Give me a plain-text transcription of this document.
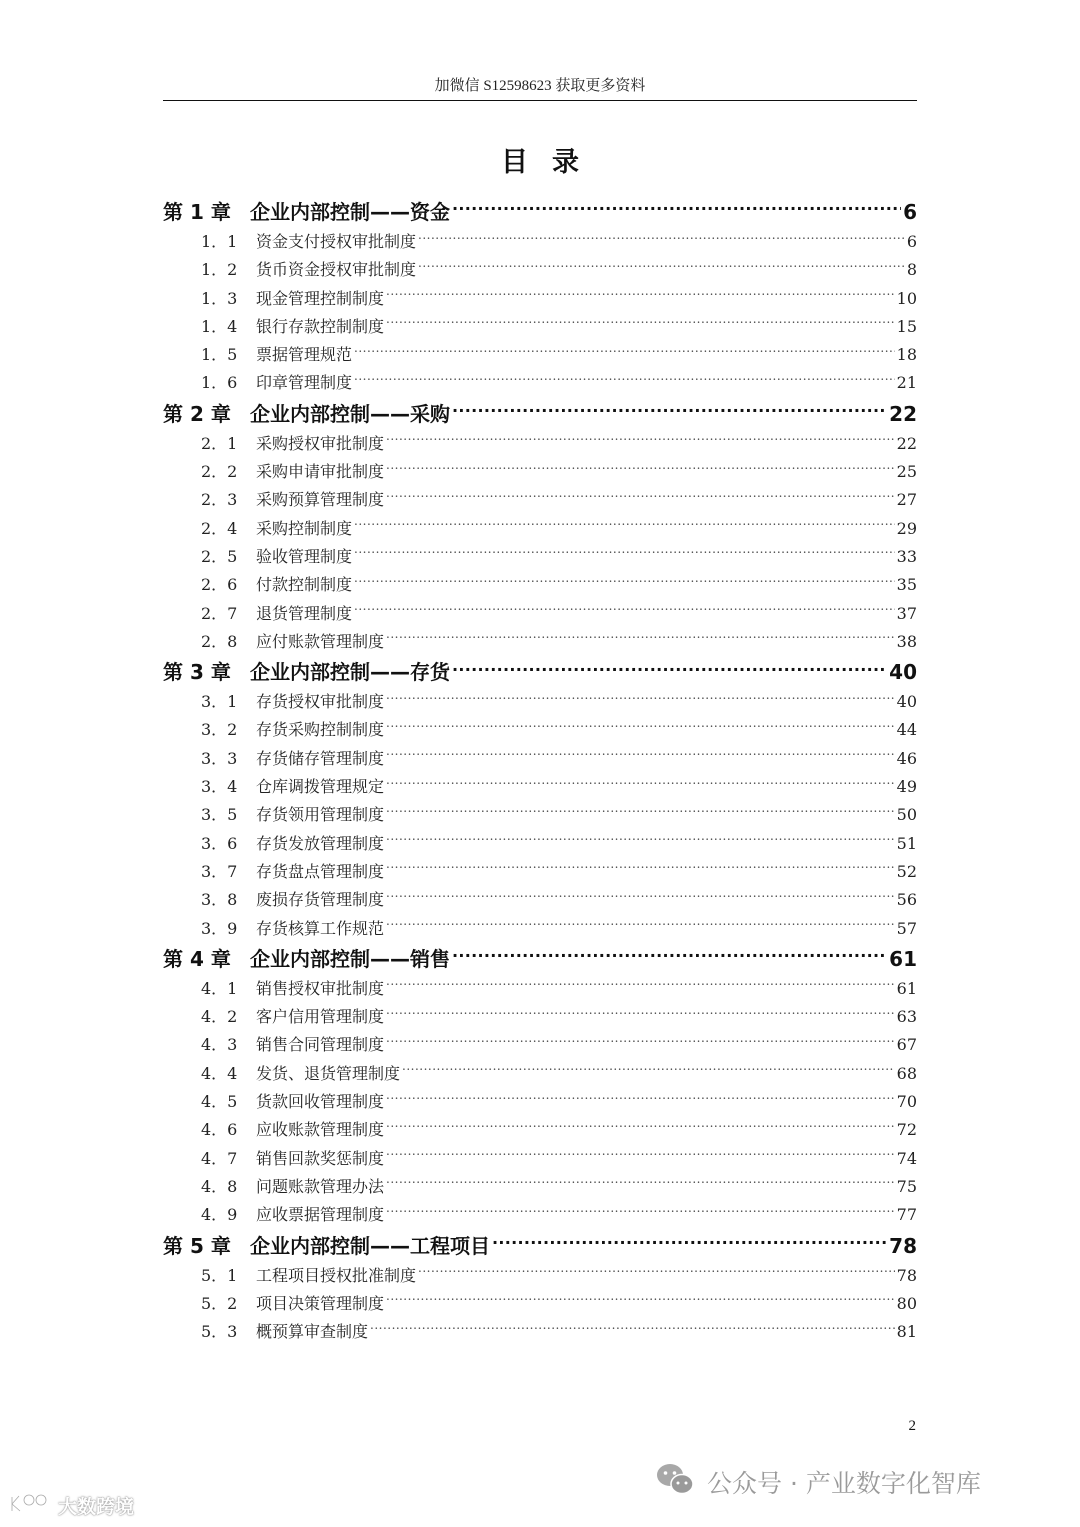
加微信 S12598623 获取更多资料
目录
第 1 章 企业内部控制——资金 .....	6
1．1	资金支付授权审批制度 .....	6
1．2	货币资金授权审批制度 .....	8
1．3	现金管理控制制度 .....	10
1．4	银行存款控制制度 .....	15
1．5	票据管理规范 .....	18
1．6	印章管理制度 .....	21
第 2 章 企业内部控制——采购 .....	22
2．1	采购授权审批制度 .....	22
2．2	采购申请审批制度 .....	25
2．3	采购预算管理制度 .....	27
2．4	采购控制制度 .....	29
2．5	验收管理制度 .....	33
2．6	付款控制制度 .....	35
2．7	退货管理制度 .....	37
2．8	应付账款管理制度 .....	38
第 3 章 企业内部控制——存货 .....	40
3．1	存货授权审批制度 .....	40
3．2	存货采购控制制度 .....	44
3．3	存货储存管理制度 .....	46
3．4	仓库调拨管理规定 .....	49
3．5	存货领用管理制度 .....	50
3．6	存货发放管理制度 .....	51
3．7	存货盘点管理制度 .....	52
3．8	废损存货管理制度 .....	56
3．9	存货核算工作规范 .....	57
第 4 章 企业内部控制——销售 .....	61
4．1	销售授权审批制度 .....	61
4．2	客户信用管理制度 .....	63
4．3	销售合同管理制度 .....	67
4．4	发货、退货管理制度 .....	68
4．5	货款回收管理制度 .....	70
4．6	应收账款管理制度 .....	72
4．7	销售回款奖惩制度 .....	74
4．8	问题账款管理办法 .....	75
4．9	应收票据管理制度 .....	77
第 5 章 企业内部控制——工程项目 .....	78
5．1	工程项目授权批准制度 .....	78
5．2	项目决策管理制度 .....	80
5．3	概预算审查制度 .....	81
2
公众号 · 产业数字化智库
大数跨境
